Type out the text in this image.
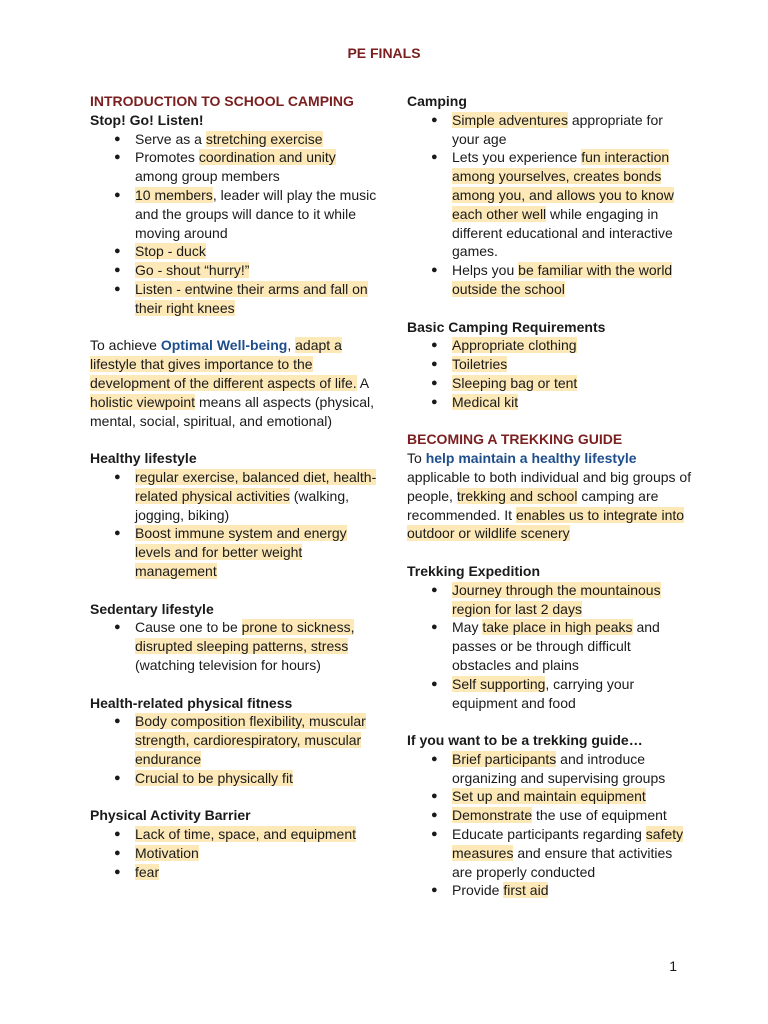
PE FINALS
INTRODUCTION TO SCHOOL CAMPING
Stop! Go! Listen!
● Serve as a stretching exercise
● Promotes coordination and unity among group members
● 10 members, leader will play the music and the groups will dance to it while moving around
● Stop - duck
● Go - shout “hurry!”
● Listen - entwine their arms and fall on their right knees

To achieve Optimal Well-being, adapt a lifestyle that gives importance to the development of the different aspects of life. A holistic viewpoint means all aspects (physical, mental, social, spiritual, and emotional)

Healthy lifestyle
● regular exercise, balanced diet, health-related physical activities (walking, jogging, biking)
● Boost immune system and energy levels and for better weight management
Sedentary lifestyle
● Cause one to be prone to sickness, disrupted sleeping patterns, stress (watching television for hours)
Health-related physical fitness
● Body composition flexibility, muscular strength, cardiorespiratory, muscular endurance
● Crucial to be physically fit
Physical Activity Barrier
● Lack of time, space, and equipment
● Motivation
● fear
Camping
● Simple adventures appropriate for your age
● Lets you experience fun interaction among yourselves, creates bonds among you, and allows you to know each other well while engaging in different educational and interactive games.
● Helps you be familiar with the world outside the school
Basic Camping Requirements
● Appropriate clothing
● Toiletries
● Sleeping bag or tent
● Medical kit
BECOMING A TREKKING GUIDE

To help maintain a healthy lifestyle applicable to both individual and big groups of people, trekking and school camping are recommended. It enables us to integrate into outdoor or wildlife scenery

Trekking Expedition
● Journey through the mountainous region for last 2 days
● May take place in high peaks and passes or be through difficult obstacles and plains
● Self supporting, carrying your equipment and food
If you want to be a trekking guide…
● Brief participants and introduce organizing and supervising groups
● Set up and maintain equipment
● Demonstrate the use of equipment
● Educate participants regarding safety measures and ensure that activities are properly conducted
● Provide first aid
1
